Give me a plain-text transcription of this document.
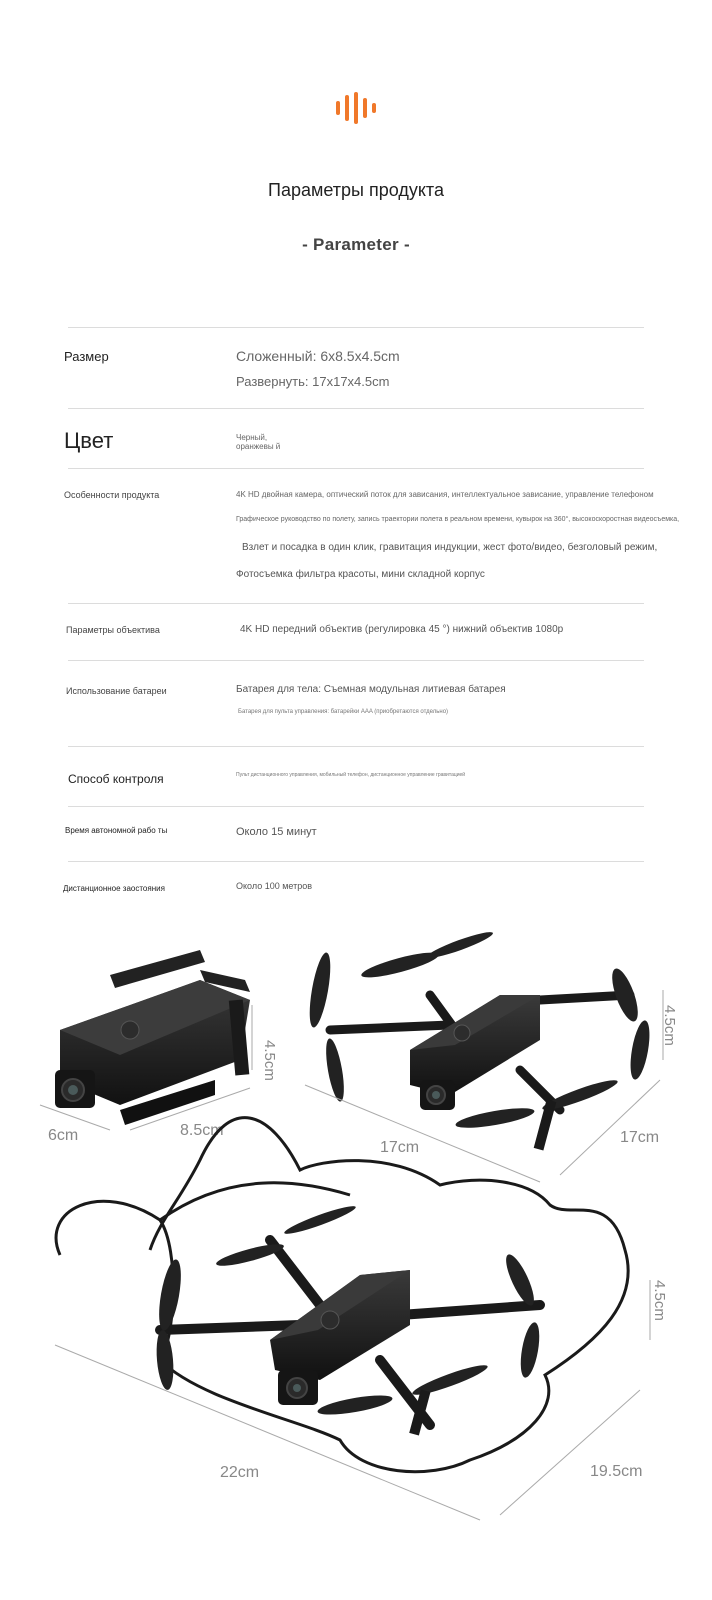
Параметры продукта
- Parameter -
Размер	Сложенный: 6x8.5x4.5cm
Развернуть: 17x17x4.5cm
Цвет	Черный, оранжевы й
Особенности продукта	4K HD двойная камера, оптический поток для зависания, интеллектуальное зависание, управление телефоном
Графическое руководство по полету, запись траектории полета в реальном времени, кувырок на 360°, высокоскоростная видеосъемка,
Взлет и посадка в один клик, гравитация индукции, жест фото/видео, безголовый режим,
Фотосъемка фильтра красоты, мини складной корпус
Параметры объектива	4K HD передний объектив (регулировка 45 °) нижний объектив 1080p
Использование батареи	Батарея для тела: Съемная модульная литиевая батарея
Батарея для пульта управления: батарейки AAA (приобретаются отдельно)
Способ контроля	Пульт дистанционного управления, мобильный телефон, дистанционное управление гравитацией
Время автономной рабо ты	Около 15 минут
Дистанционное заостояния	Около 100 метров
4.5cm
6cm	8.5cm
17cm
17cm
4.5cm
22cm	19.5cm
4.5cm
